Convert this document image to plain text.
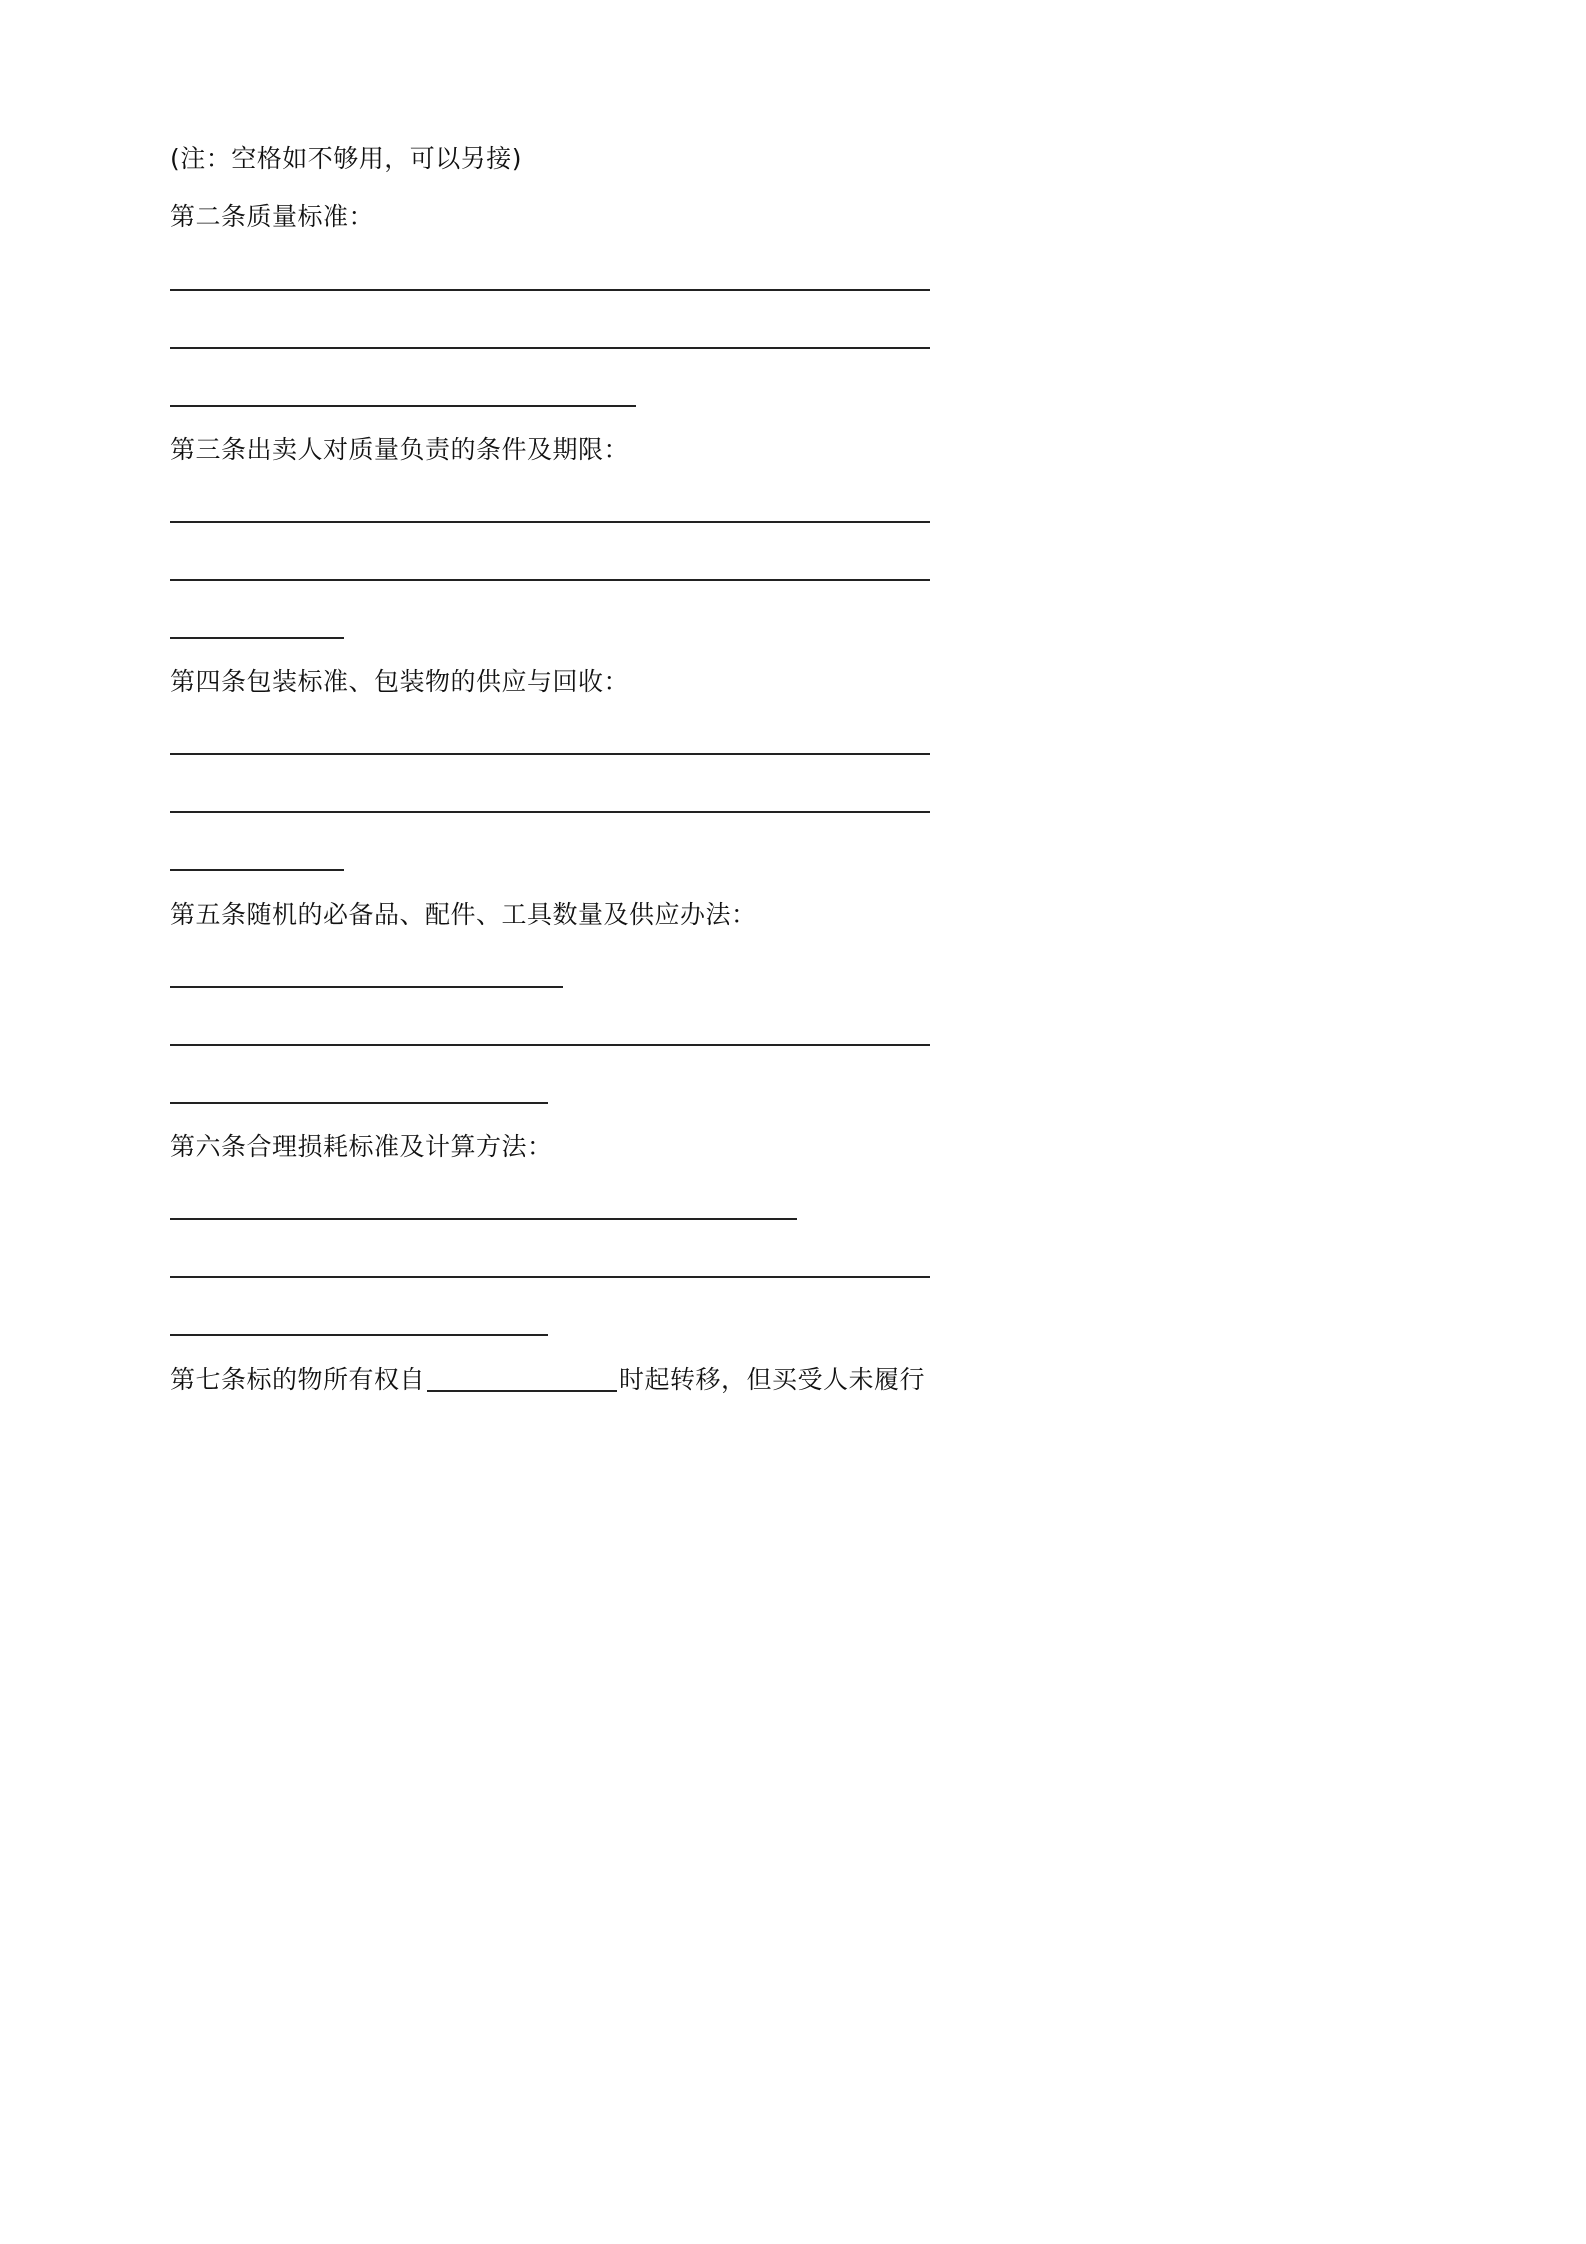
(注：空格如不够用，可以另接)
第二条质量标准：
第三条出卖人对质量负责的条件及期限：
第四条包装标准、包装物的供应与回收：
第五条随机的必备品、配件、工具数量及供应办法：
第六条合理损耗标准及计算方法：
第七条标的物所有权自	时起转移，但买受人未履行
